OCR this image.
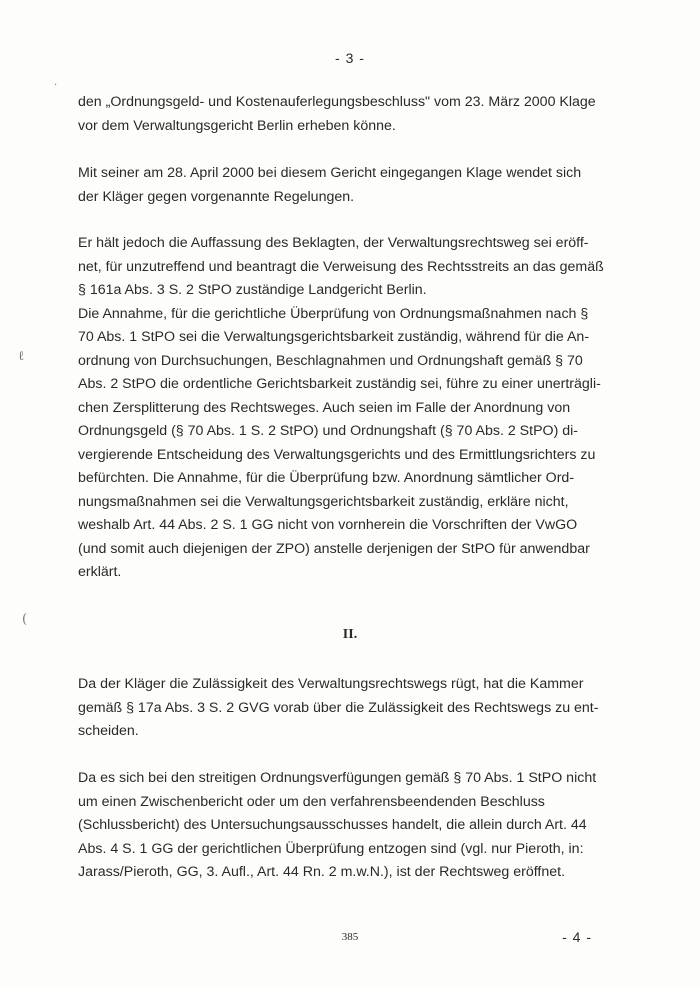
- 3 -
·
ℓ
(
den „Ordnungsgeld- und Kostenauferlegungsbeschluss" vom 23. März 2000 Klage
vor dem Verwaltungsgericht Berlin erheben könne.
Mit seiner am 28. April 2000 bei diesem Gericht eingegangen Klage wendet sich
der Kläger gegen vorgenannte Regelungen.
Er hält jedoch die Auffassung des Beklagten, der Verwaltungsrechtsweg sei eröff-
net, für unzutreffend und beantragt die Verweisung des Rechtsstreits an das gemäß
§ 161a Abs. 3 S. 2 StPO zuständige Landgericht Berlin.
Die Annahme, für die gerichtliche Überprüfung von Ordnungsmaßnahmen nach §
70 Abs. 1 StPO sei die Verwaltungsgerichtsbarkeit zuständig, während für die An-
ordnung von Durchsuchungen, Beschlagnahmen und Ordnungshaft gemäß § 70
Abs. 2 StPO die ordentliche Gerichtsbarkeit zuständig sei, führe zu einer unerträgli-
chen Zersplitterung des Rechtsweges. Auch seien im Falle der Anordnung von
Ordnungsgeld (§ 70 Abs. 1 S. 2 StPO) und Ordnungshaft (§ 70 Abs. 2 StPO) di-
vergierende Entscheidung des Verwaltungsgerichts und des Ermittlungsrichters zu
befürchten. Die Annahme, für die Überprüfung bzw. Anordnung sämtlicher Ord-
nungsmaßnahmen sei die Verwaltungsgerichtsbarkeit zuständig, erkläre nicht,
weshalb Art. 44 Abs. 2 S. 1 GG nicht von vornherein die Vorschriften der VwGO
(und somit auch diejenigen der ZPO) anstelle derjenigen der StPO für anwendbar
erklärt.
II.
Da der Kläger die Zulässigkeit des Verwaltungsrechtswegs rügt, hat die Kammer
gemäß § 17a Abs. 3 S. 2 GVG vorab über die Zulässigkeit des Rechtswegs zu ent-
scheiden.
Da es sich bei den streitigen Ordnungsverfügungen gemäß § 70 Abs. 1 StPO nicht
um einen Zwischenbericht oder um den verfahrensbeendenden Beschluss
(Schlussbericht) des Untersuchungsausschusses handelt, die allein durch Art. 44
Abs. 4 S. 1 GG der gerichtlichen Überprüfung entzogen sind (vgl. nur Pieroth, in:
Jarass/Pieroth, GG, 3. Aufl., Art. 44 Rn. 2 m.w.N.), ist der Rechtsweg eröffnet.
385	- 4 -
